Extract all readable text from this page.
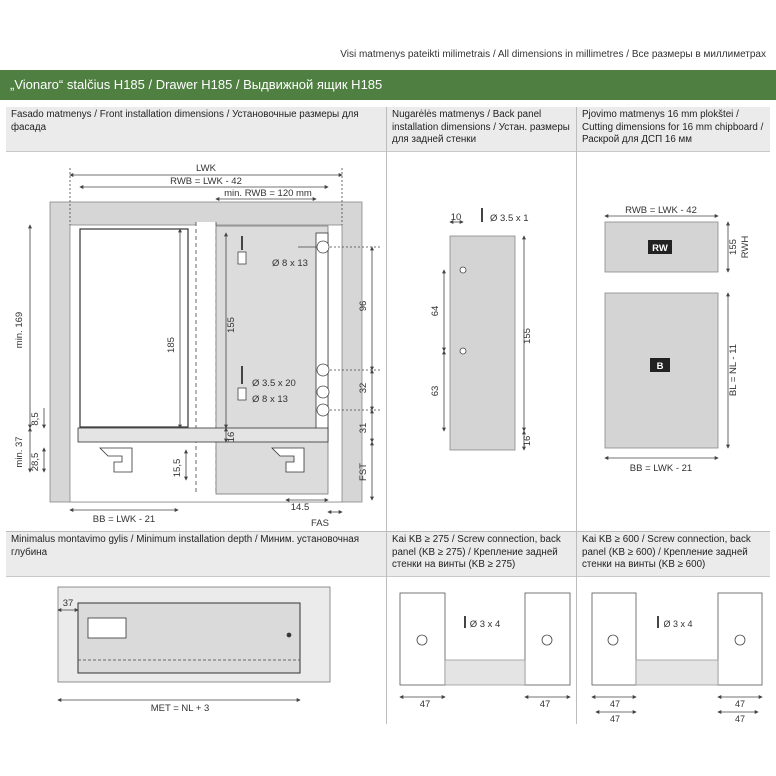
Visi matmenys pateikti milimetrais / All dimensions in millimetres / Все размеры в миллиметрах
„Vionaro“ stalčius H185 / Drawer H185 / Выдвижной ящик H185
Fasado matmenys / Front installation dimensions / Установочные размеры для фасада
Nugarėlės matmenys / Back panel installation dimensions / Устан. размеры для задней стенки
Pjovimo matmenys 16 mm plokštei / Cutting dimensions for 16 mm chipboard / Раскрой для ДСП 16 мм
Minimalus montavimo gylis / Minimum installation depth / Миним. установочная глубина
Kai KB ≥ 275 / Screw connection, back panel (KB ≥ 275) / Крепление задней стенки на винты (KB ≥ 275)
Kai KB ≥ 600 / Screw connection, back panel (KB ≥ 600) / Крепление задней стенки на винты (KB ≥ 600)
LWK
RWB = LWK - 42
min. RWB = 120 mm
Ø 8 x 13
Ø 3.5 x 20
Ø 8 x 13
min. 169	185
155
16
96
32
31
FST
8,5
min. 37 28,5	15,5
BB = LWK - 21
14.5
FAS
10	Ø 3.5 x 1
64
63
155
16
RWB = LWK - 42
RW
B
155 RWH
BL = NL - 11
BB = LWK - 21
37
MET = NL + 3
Ø 3 x 4
47	47
Ø 3 x 4
47
47
47
47
